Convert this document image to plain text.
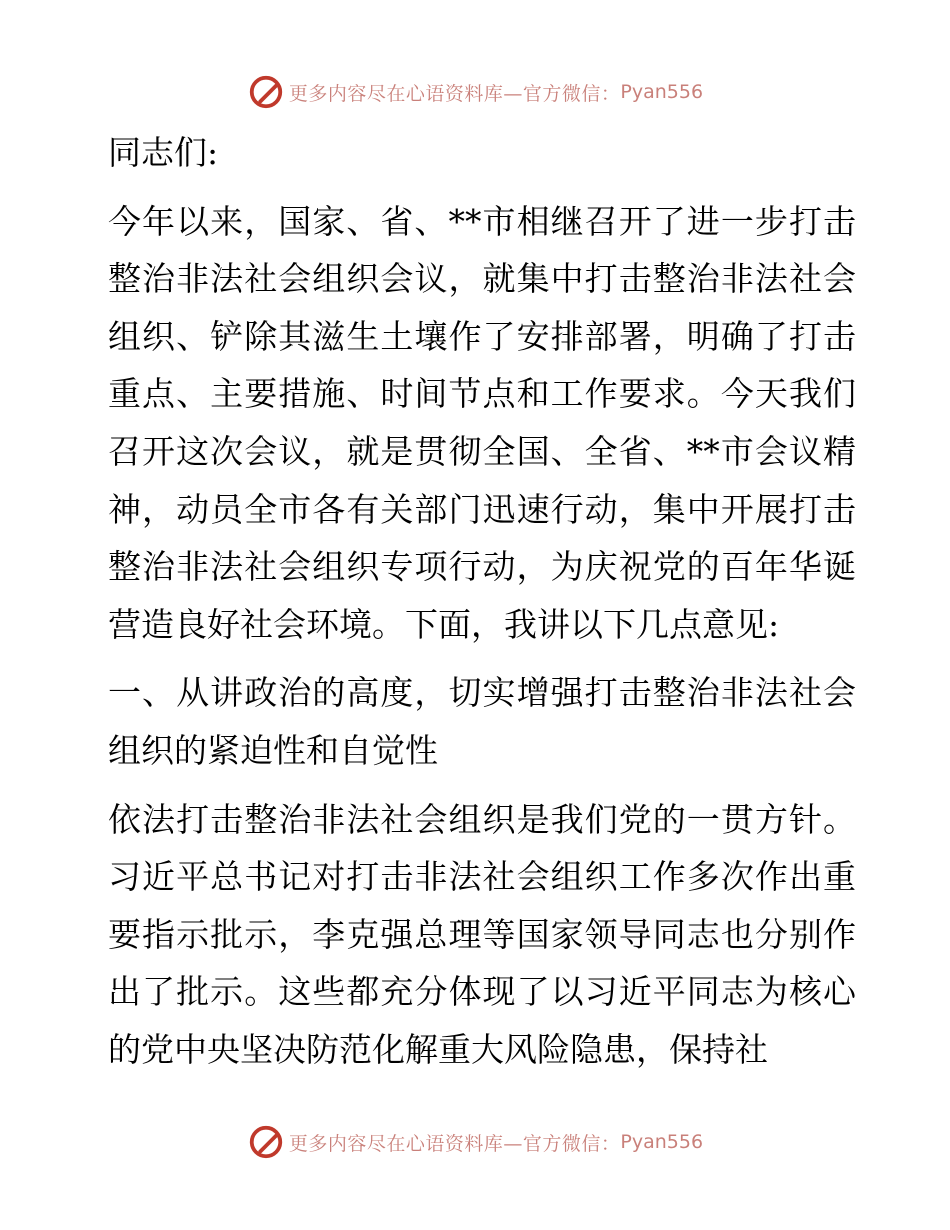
更多内容尽在心语资料库—官方微信： Pyan556

同志们:

今年以来，国家、省、**市相继召开了进一步打击整治非法社会组织会议，就集中打击整治非法社会组织、铲除其滋生土壤作了安排部署，明确了打击重点、主要措施、时间节点和工作要求。今天我们召开这次会议，就是贯彻全国、全省、**市会议精神，动员全市各有关部门迅速行动，集中开展打击整治非法社会组织专项行动，为庆祝党的百年华诞营造良好社会环境。下面，我讲以下几点意见:

一、从讲政治的高度，切实增强打击整治非法社会组织的紧迫性和自觉性

依法打击整治非法社会组织是我们党的一贯方针。习近平总书记对打击非法社会组织工作多次作出重要指示批示，李克强总理等国家领导同志也分别作出了批示。这些都充分体现了以习近平同志为核心的党中央坚决防范化解重大风险隐患，保持社

更多内容尽在心语资料库—官方微信： Pyan556
